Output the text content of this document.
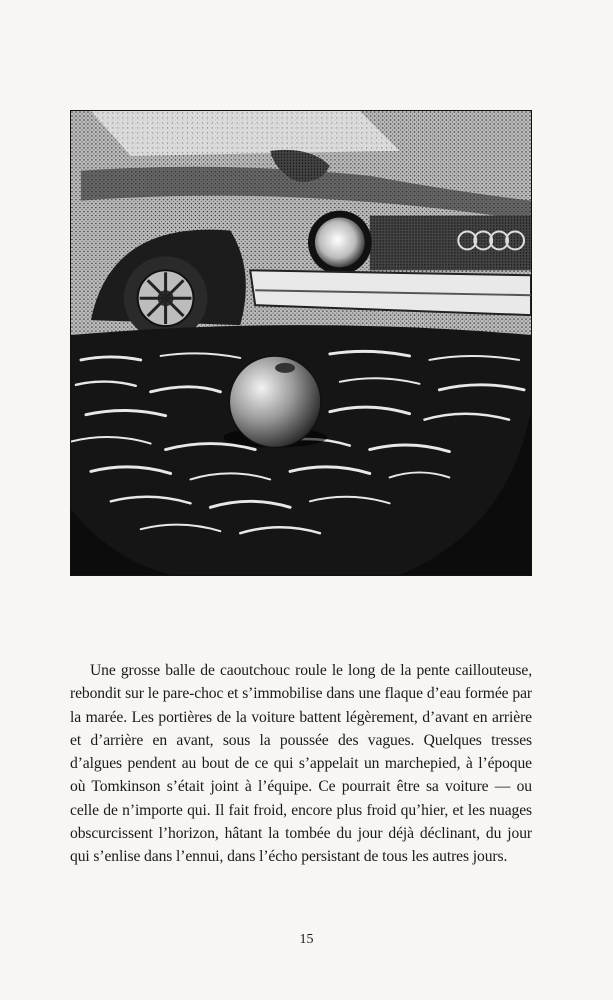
Une grosse balle de caoutchouc roule le long de la pente caillouteuse, rebondit sur le pare-choc et s’immobilise dans une flaque d’eau formée par la marée. Les portières de la voiture battent légèrement, d’avant en arrière et d’arrière en avant, sous la poussée des vagues. Quelques tresses d’algues pendent au bout de ce qui s’appelait un marchepied, à l’époque où Tomkinson s’était joint à l’équipe. Ce pourrait être sa voiture — ou celle de n’importe qui. Il fait froid, encore plus froid qu’hier, et les nuages obscurcissent l’horizon, hâtant la tombée du jour déjà déclinant, du jour qui s’enlise dans l’ennui, dans l’écho persistant de tous les autres jours.

15
